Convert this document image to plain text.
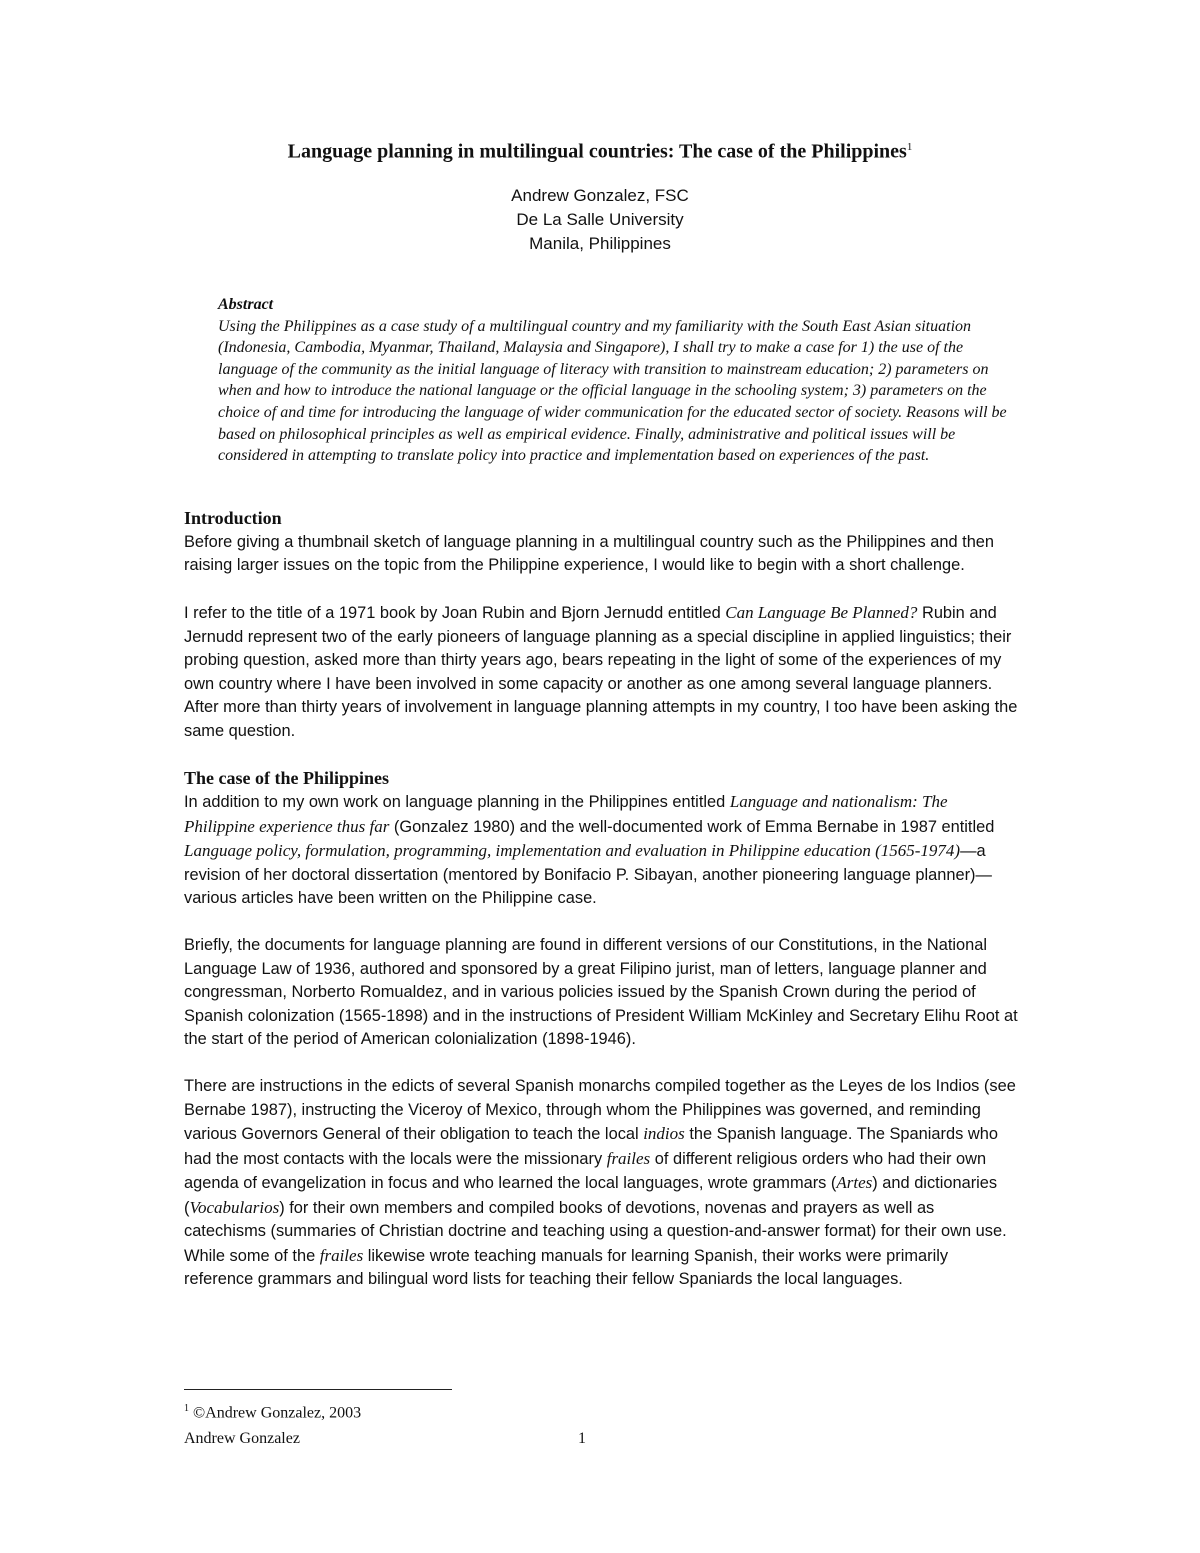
Language planning in multilingual countries: The case of the Philippines$^1$
Andrew Gonzalez, FSC
De La Salle University
Manila, Philippines
Abstract
Using the Philippines as a case study of a multilingual country and my familiarity with the South East Asian situation (Indonesia, Cambodia, Myanmar, Thailand, Malaysia and Singapore), I shall try to make a case for 1) the use of the language of the community as the initial language of literacy with transition to mainstream education; 2) parameters on when and how to introduce the national language or the official language in the schooling system; 3) parameters on the choice of and time for introducing the language of wider communication for the educated sector of society. Reasons will be based on philosophical principles as well as empirical evidence. Finally, administrative and political issues will be considered in attempting to translate policy into practice and implementation based on experiences of the past.
Introduction

Before giving a thumbnail sketch of language planning in a multilingual country such as the Philippines and then raising larger issues on the topic from the Philippine experience, I would like to begin with a short challenge.

I refer to the title of a 1971 book by Joan Rubin and Bjorn Jernudd entitled Can Language Be Planned? Rubin and Jernudd represent two of the early pioneers of language planning as a special discipline in applied linguistics; their probing question, asked more than thirty years ago, bears repeating in the light of some of the experiences of my own country where I have been involved in some capacity or another as one among several language planners. After more than thirty years of involvement in language planning attempts in my country, I too have been asking the same question.

The case of the Philippines

In addition to my own work on language planning in the Philippines entitled Language and nationalism: The Philippine experience thus far (Gonzalez 1980) and the well-documented work of Emma Bernabe in 1987 entitled Language policy, formulation, programming, implementation and evaluation in Philippine education (1565-1974)—a revision of her doctoral dissertation (mentored by Bonifacio P. Sibayan, another pioneering language planner)—various articles have been written on the Philippine case.

Briefly, the documents for language planning are found in different versions of our Constitutions, in the National Language Law of 1936, authored and sponsored by a great Filipino jurist, man of letters, language planner and congressman, Norberto Romualdez, and in various policies issued by the Spanish Crown during the period of Spanish colonization (1565-1898) and in the instructions of President William McKinley and Secretary Elihu Root at the start of the period of American colonialization (1898-1946).

There are instructions in the edicts of several Spanish monarchs compiled together as the Leyes de los Indios (see Bernabe 1987), instructing the Viceroy of Mexico, through whom the Philippines was governed, and reminding various Governors General of their obligation to teach the local indios the Spanish language. The Spaniards who had the most contacts with the locals were the missionary frailes of different religious orders who had their own agenda of evangelization in focus and who learned the local languages, wrote grammars (Artes) and dictionaries (Vocabularios) for their own members and compiled books of devotions, novenas and prayers as well as catechisms (summaries of Christian doctrine and teaching using a question-and-answer format) for their own use. While some of the frailes likewise wrote teaching manuals for learning Spanish, their works were primarily reference grammars and bilingual word lists for teaching their fellow Spaniards the local languages.

$^1$ ©Andrew Gonzalez, 2003
Andrew Gonzalez	1
